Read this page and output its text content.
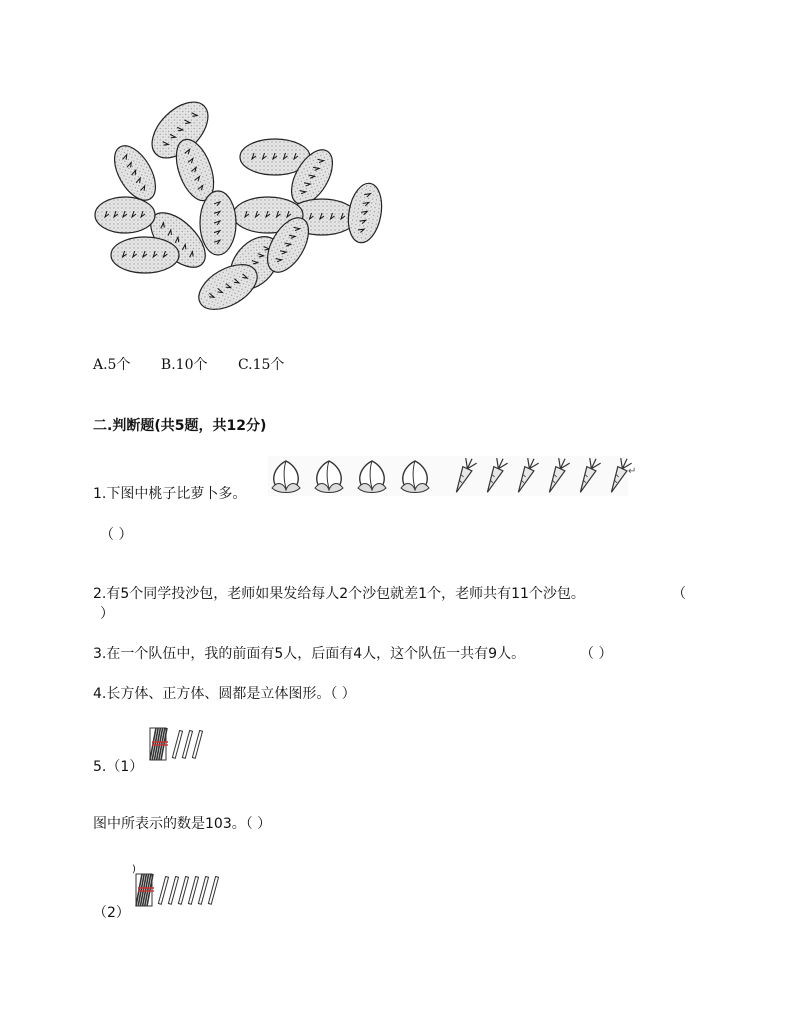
A.5个 B.10个 C.15个
二.判断题(共5题，共12分)
1.下图中桃子比萝卜多。
↵
（ ）
2.有5个同学投沙包，老师如果发给每人2个沙包就差1个，老师共有11个沙包。	（
）
3.在一个队伍中，我的前面有5人，后面有4人，这个队伍一共有9人。	（ ）
4.长方体、正方体、圆都是立体图形。（ ）
5.（1）
图中所表示的数是103。（ ）
)
（2）
